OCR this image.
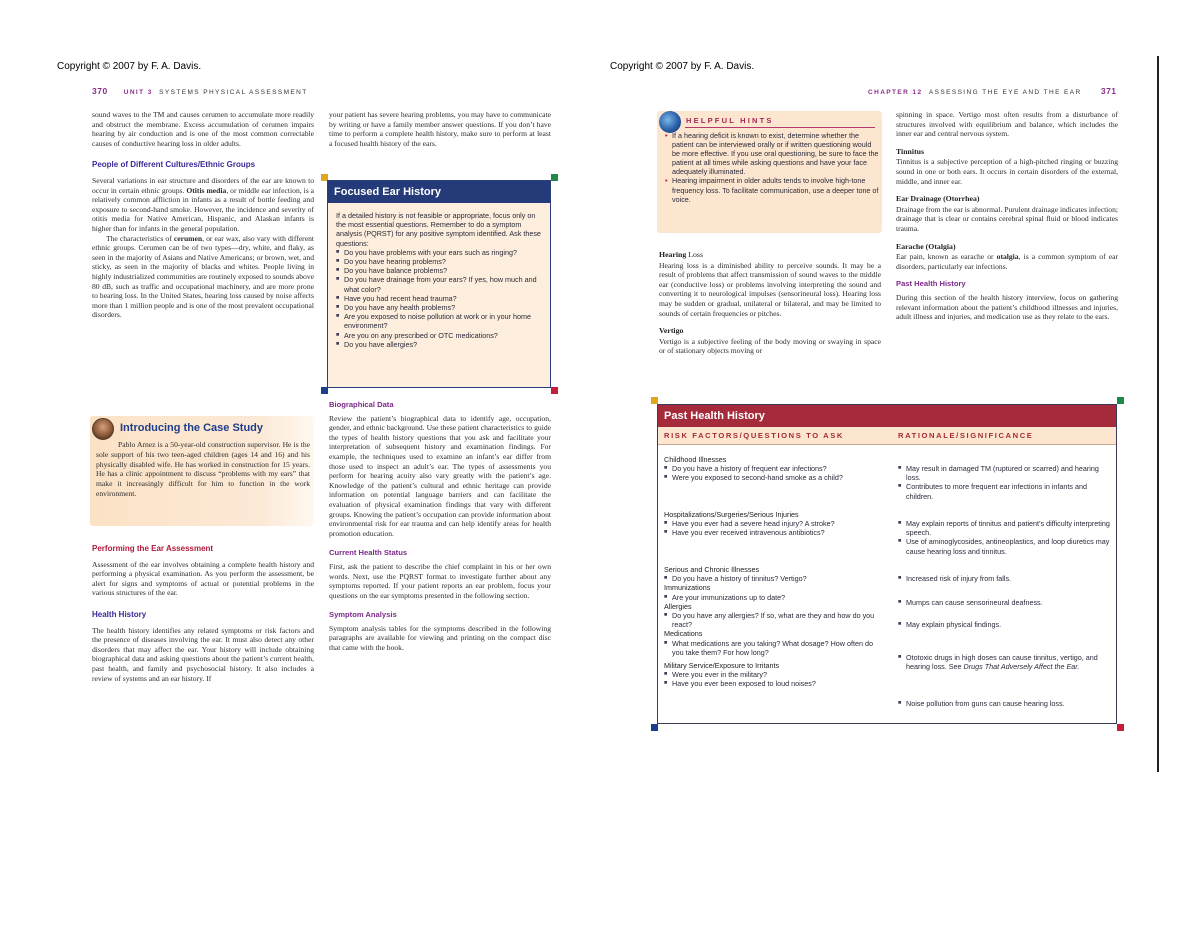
Copyright © 2007 by F. A. Davis.	Copyright © 2007 by F. A. Davis.
370 UNIT 3 SYSTEMS PHYSICAL ASSESSMENT

sound waves to the TM and causes cerumen to accumulate more readily and obstruct the membrane. Excess accumulation of cerumen impairs hearing by air conduction and is one of the most common correctable causes of conductive hearing loss in older adults.

People of Different Cultures/Ethnic Groups

Several variations in ear structure and disorders of the ear are known to occur in certain ethnic groups. Otitis media, or middle ear infection, is a relatively common affliction in infants as a result of bottle feeding and exposure to second-hand smoke. However, the incidence and severity of otitis media for Native American, Hispanic, and Alaskan infants is higher than for infants in the general population.

The characteristics of cerumen, or ear wax, also vary with different ethnic groups. Cerumen can be of two types—dry, white, and flaky, as seen in the majority of Asians and Native Americans; or brown, wet, and sticky, as seen in the majority of blacks and whites. People living in highly industrialized communities are routinely exposed to sounds above 80 dB, such as traffic and occupational machinery, and are more prone to hearing loss. In the United States, hearing loss caused by noise affects more than 1 million people and is one of the most prevalent occupational disorders.

Introducing the Case Study
Pablo Arnez is a 50-year-old construction supervisor. He is the sole support of his two teen-aged children (ages 14 and 16) and his physically disabled wife. He has worked in construction for 15 years. He has a clinic appointment to discuss “problems with my ears” that make it increasingly difficult for him to function in the work environment.
Performing the Ear Assessment

Assessment of the ear involves obtaining a complete health history and performing a physical examination. As you perform the assessment, be alert for signs and symptoms of actual or potential problems in the various structures of the ear.

Health History

The health history identifies any related symptoms or risk factors and the presence of diseases involving the ear. It must also detect any other disorders that may affect the ear. Your history will include obtaining biographical data and asking questions about the patient’s current health, past health, and family and psychosocial history. It also includes a review of systems and an ear history. If

your patient has severe hearing problems, you may have to communicate by writing or have a family member answer questions. If you don’t have time to perform a complete health history, make sure to perform at least a focused health history of the ears.

Focused Ear History

If a detailed history is not feasible or appropriate, focus only on the most essential questions. Remember to do a symptom analysis (PQRST) for any positive symptom identified. Ask these questions:

■ Do you have problems with your ears such as ringing?
■ Do you have hearing problems?
■ Do you have balance problems?
■ Do you have drainage from your ears? If yes, how much and what color?
■ Have you had recent head trauma?
■ Do you have any health problems?
■ Are you exposed to noise pollution at work or in your home environment?
■ Are you on any prescribed or OTC medications?
■ Do you have allergies?
Biographical Data

Review the patient’s biographical data to identify age, occupation, gender, and ethnic background. Use these patient characteristics to guide the types of health history questions that you ask and facilitate your interpretation of subsequent history and examination findings. For example, the techniques used to examine an infant’s ear differ from those used to inspect an adult’s ear. The types of assessments you perform for hearing acuity also vary greatly with the patient’s age. Knowledge of the patient’s cultural and ethnic heritage can provide information on potential language barriers and can facilitate the evaluation of physical examination findings that vary with different groups. Knowing the patient’s occupation can provide information about environmental risk for ear trauma and can help identify areas for health promotion education.

Current Health Status

First, ask the patient to describe the chief complaint in his or her own words. Next, use the PQRST format to investigate further about any symptoms reported. If your patient reports an ear problem, focus your questions on the ear symptoms presented in the following section.

Symptom Analysis

Symptom analysis tables for the symptoms described in the following paragraphs are available for viewing and printing on the compact disc that came with the book.

CHAPTER 12 ASSESSING THE EYE AND THE EAR 371
HELPFUL HINTS
• If a hearing deficit is known to exist, determine whether the patient can be interviewed orally or if written questioning would be more effective. If you use oral questioning, be sure to face the patient at all times while asking questions and have your face adequately illuminated.
• Hearing impairment in older adults tends to involve high-tone frequency loss. To facilitate communication, use a deeper tone of voice.
Hearing Loss

Hearing loss is a diminished ability to perceive sounds. It may be a result of problems that affect transmission of sound waves to the middle ear (conductive loss) or problems involving interpreting the sound and converting it to neurological impulses (sensorineural loss). Hearing loss may be sudden or gradual, unilateral or bilateral, and may be limited to sounds of certain frequencies or pitches.

Vertigo

Vertigo is a subjective feeling of the body moving or swaying in space or of stationary objects moving or

spinning in space. Vertigo most often results from a disturbance of structures involved with equilibrium and balance, which includes the inner ear and central nervous system.

Tinnitus

Tinnitus is a subjective perception of a high-pitched ringing or buzzing sound in one or both ears. It occurs in certain disorders of the external, middle, and inner ear.

Ear Drainage (Otorrhea)

Drainage from the ear is abnormal. Purulent drainage indicates infection; drainage that is clear or contains cerebral spinal fluid or blood indicates trauma.

Earache (Otalgia)

Ear pain, known as earache or otalgia, is a common symptom of ear disorders, particularly ear infections.

Past Health History

During this section of the health history interview, focus on gathering relevant information about the patient’s childhood illnesses and injuries, adult illness and injuries, and medication use as they relate to the ears.

Past Health History
RISK FACTORS/QUESTIONS TO ASK	RATIONALE/SIGNIFICANCE
Childhood Illnesses
■ Do you have a history of frequent ear infections?
■ Were you exposed to second-hand smoke as a child?
■ May result in damaged TM (ruptured or scarred) and hearing loss.
■ Contributes to more frequent ear infections in infants and children.
Hospitalizations/Surgeries/Serious Injuries
■ Have you ever had a severe head injury? A stroke?
■ Have you ever received intravenous antibiotics?
■ May explain reports of tinnitus and patient’s difficulty interpreting speech.
■ Use of aminoglycosides, antineoplastics, and loop diuretics may cause hearing loss and tinnitus.
Serious and Chronic Illnesses
■ Do you have a history of tinnitus? Vertigo?
Immunizations
■ Are your immunizations up to date?
Allergies
■ Do you have any allergies? If so, what are they and how do you react?
Medications
■ What medications are you taking? What dosage? How often do you take them? For how long?
Military Service/Exposure to Irritants
■ Were you ever in the military?
■ Have you ever been exposed to loud noises?
■ Increased risk of injury from falls.
■ Mumps can cause sensorineural deafness.
■ May explain physical findings.
■ Ototoxic drugs in high doses can cause tinnitus, vertigo, and hearing loss. See Drugs That Adversely Affect the Ear.
■ Noise pollution from guns can cause hearing loss.
